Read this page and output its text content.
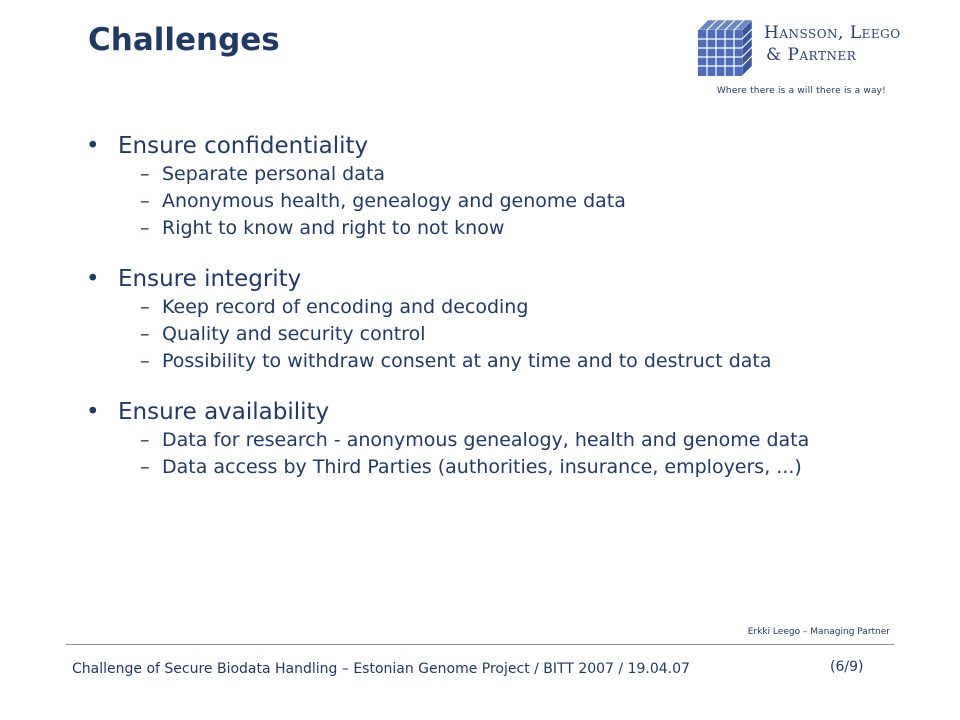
Challenges	Hansson, Leego
& Partner
Where there is a will there is a way!
• Ensure confidentiality
– Separate personal data
– Anonymous health, genealogy and genome data
– Right to know and right to not know
• Ensure integrity
– Keep record of encoding and decoding
– Quality and security control
– Possibility to withdraw consent at any time and to destruct data
• Ensure availability
– Data for research - anonymous genealogy, health and genome data
– Data access by Third Parties (authorities, insurance, employers, ...)
Erkki Leego – Managing Partner
Challenge of Secure Biodata Handling – Estonian Genome Project / BITT 2007 / 19.04.07	(6/9)
